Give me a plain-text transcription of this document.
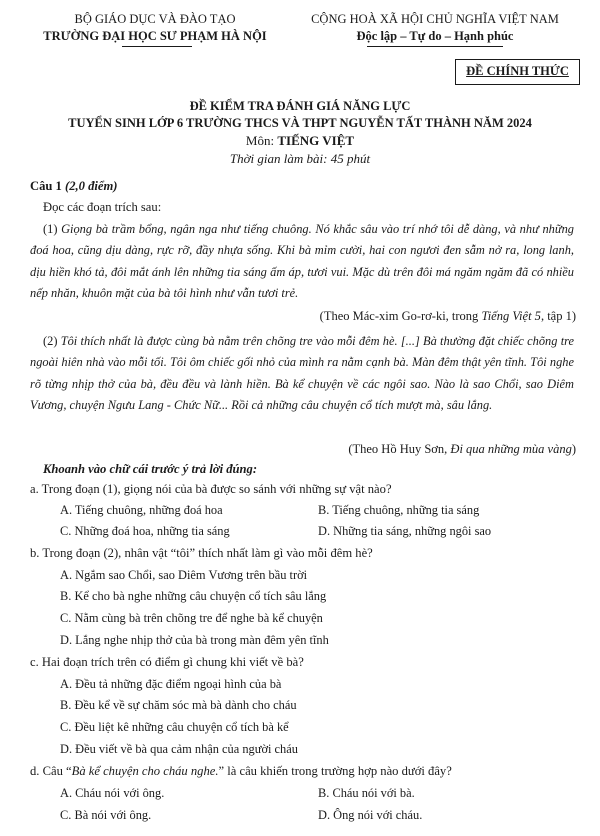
BỘ GIÁO DỤC VÀ ĐÀO TẠO
TRƯỜNG ĐẠI HỌC SƯ PHẠM HÀ NỘI
CỘNG HOÀ XÃ HỘI CHỦ NGHĨA VIỆT NAM
Độc lập – Tự do – Hạnh phúc
ĐỀ CHÍNH THỨC
ĐỀ KIỂM TRA ĐÁNH GIÁ NĂNG LỰC
TUYỂN SINH LỚP 6 TRƯỜNG THCS VÀ THPT NGUYỄN TẤT THÀNH NĂM 2024
Môn: TIẾNG VIỆT
Thời gian làm bài: 45 phút
Câu 1 (2,0 điểm)
Đọc các đoạn trích sau:
(1) Giọng bà trầm bổng, ngân nga như tiếng chuông. Nó khắc sâu vào trí nhớ tôi dễ dàng, và như những đoá hoa, cũng dịu dàng, rực rỡ, đầy nhựa sống. Khi bà mỉm cười, hai con ngươi đen sẫm nở ra, long lanh, dịu hiền khó tả, đôi mắt ánh lên những tia sáng ấm áp, tươi vui. Mặc dù trên đôi má ngăm ngăm đã có nhiều nếp nhăn, khuôn mặt của bà tôi hình như vẫn tươi trẻ.
(Theo Mác-xim Go-rơ-ki, trong Tiếng Việt 5, tập 1)
(2) Tôi thích nhất là được cùng bà nằm trên chõng tre vào mỗi đêm hè. [...] Bà thường đặt chiếc chõng tre ngoài hiên nhà vào mỗi tối. Tôi ôm chiếc gối nhỏ của mình ra nằm cạnh bà. Màn đêm thật yên tĩnh. Tôi nghe rõ từng nhịp thở của bà, đều đều và lành hiền. Bà kể chuyện về các ngôi sao. Nào là sao Chổi, sao Diêm Vương, chuyện Ngưu Lang - Chức Nữ... Rồi cả những câu chuyện cổ tích mượt mà, sâu lắng.
(Theo Hồ Huy Sơn, Đi qua những mùa vàng)
Khoanh vào chữ cái trước ý trả lời đúng:
a. Trong đoạn (1), giọng nói của bà được so sánh với những sự vật nào?
A. Tiếng chuông, những đoá hoa	B. Tiếng chuông, những tia sáng
C. Những đoá hoa, những tia sáng	D. Những tia sáng, những ngôi sao
b. Trong đoạn (2), nhân vật “tôi” thích nhất làm gì vào mỗi đêm hè?
A. Ngắm sao Chổi, sao Diêm Vương trên bầu trời
B. Kể cho bà nghe những câu chuyện cổ tích sâu lắng
C. Nằm cùng bà trên chõng tre để nghe bà kể chuyện
D. Lắng nghe nhịp thở của bà trong màn đêm yên tĩnh
c. Hai đoạn trích trên có điểm gì chung khi viết về bà?
A. Đều tả những đặc điểm ngoại hình của bà
B. Đều kể về sự chăm sóc mà bà dành cho cháu
C. Đều liệt kê những câu chuyện cổ tích bà kể
D. Đều viết về bà qua cảm nhận của người cháu
d. Câu “Bà kể chuyện cho cháu nghe.” là câu khiến trong trường hợp nào dưới đây?
A. Cháu nói với ông.	B. Cháu nói với bà.
C. Bà nói với ông.	D. Ông nói với cháu.
